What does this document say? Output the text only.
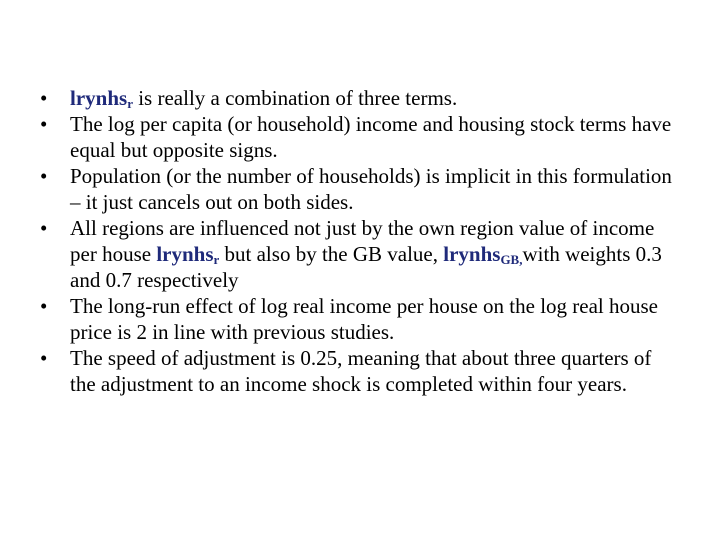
• lrynhs$_r$ is really a combination of three terms.
• The log per capita (or household) income and housing stock terms have equal but opposite signs.
• Population (or the number of households) is implicit in this formulation – it just cancels out on both sides.
• All regions are influenced not just by the own region value of income per house lrynhs$_r$ but also by the GB value, lrynhs$_{GB,}$with weights 0.3 and 0.7 respectively
• The long-run effect of log real income per house on the log real house price is 2 in line with previous studies.
• The speed of adjustment is 0.25, meaning that about three quarters of the adjustment to an income shock is completed within four years.
